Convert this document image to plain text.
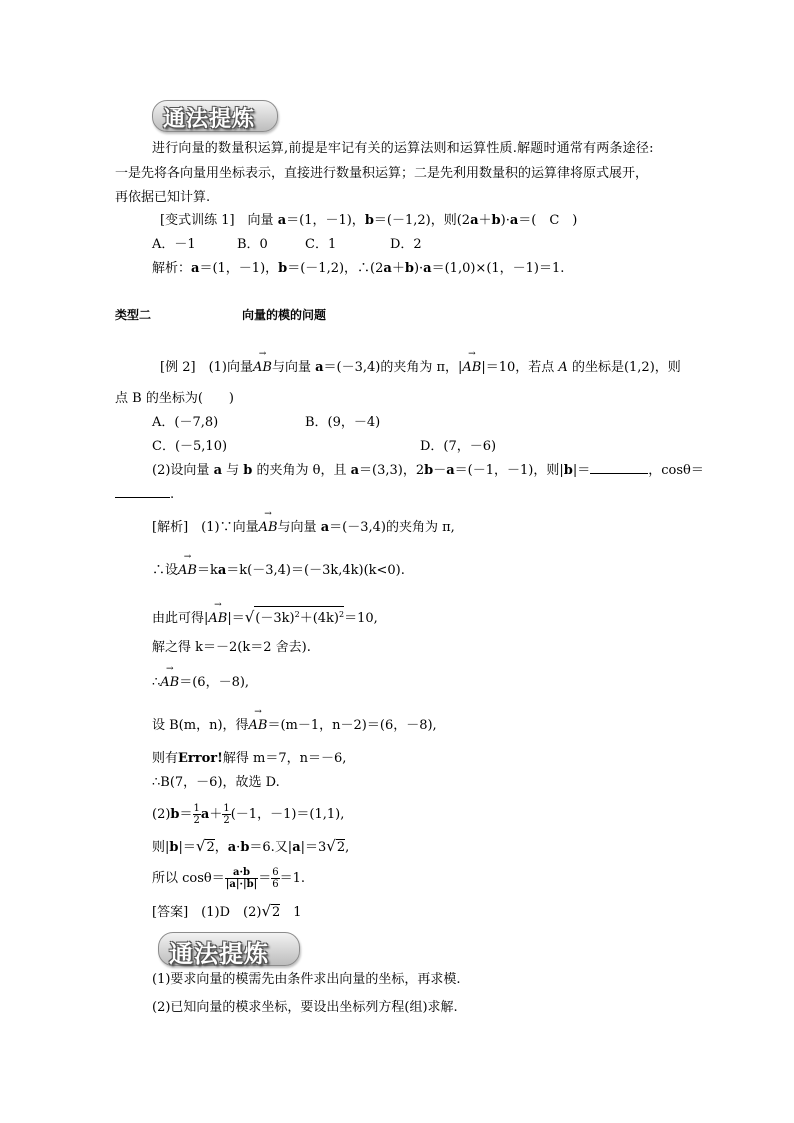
通法提炼
进行向量的数量积运算,前提是牢记有关的运算法则和运算性质.解题时通常有两条途径:
一是先将各向量用坐标表示，直接进行数量积运算；二是先利用数量积的运算律将原式展开，
再依据已知计算.
[变式训练 1]　向量 a＝(1，－1)，b＝(－1,2)，则(2a＋b)·a＝(　C　)
A．－1	B．0	C．1	D．2
解析：a＝(1，－1)，b＝(－1,2)，∴(2a＋b)·a＝(1,0)×(1，－1)＝1.
类型二	向量的模的问题
[例 2]　 (1)向量→ AB与向量 a＝(－3,4)的夹角为 π，|→ AB|＝10，若点 A 的坐标是(1,2)，则
点 B 的坐标为(　　)
A．(－7,8)	B．(9，－4)
C．(－5,10)	D．(7，－6)
(2)设向量 a 与 b 的夹角为 θ，且 a＝(3,3)，2b－a＝(－1，－1)，则|b|＝	，cosθ＝
.
[解析]　 (1)∵向量→ AB与向量 a＝(－3,4)的夹角为 π,
∴设→ AB＝ka＝k(－3,4)＝(－3k,4k)(k<0).
由此可得|→ $AB|=√(-3k)^2+(4k)^2=10$,
解之得 k＝－2(k＝2 舍去).
∴→ AB＝(6，－8),
设 B(m，n)，得→ AB＝(m－1，n－2)＝(6，－8),
则有Error!解得 m＝7，n＝－6,
∴B(7，－6)，故选 D.
$(2)b= \frac{1}{2} a+ \frac{1}{2} (-1$，－1)＝(1,1),
则|b|＝√2，a·b＝6.又|a|＝3√2,
所以 $\cos\theta= \frac{a\cdot b}{|a|\cdot|b|} = \frac{6}{6} =1$.
[答案]　 (1)D　(2)√2　1
通法提炼
(1)要求向量的模需先由条件求出向量的坐标，再求模.
(2)已知向量的模求坐标，要设出坐标列方程(组)求解.
